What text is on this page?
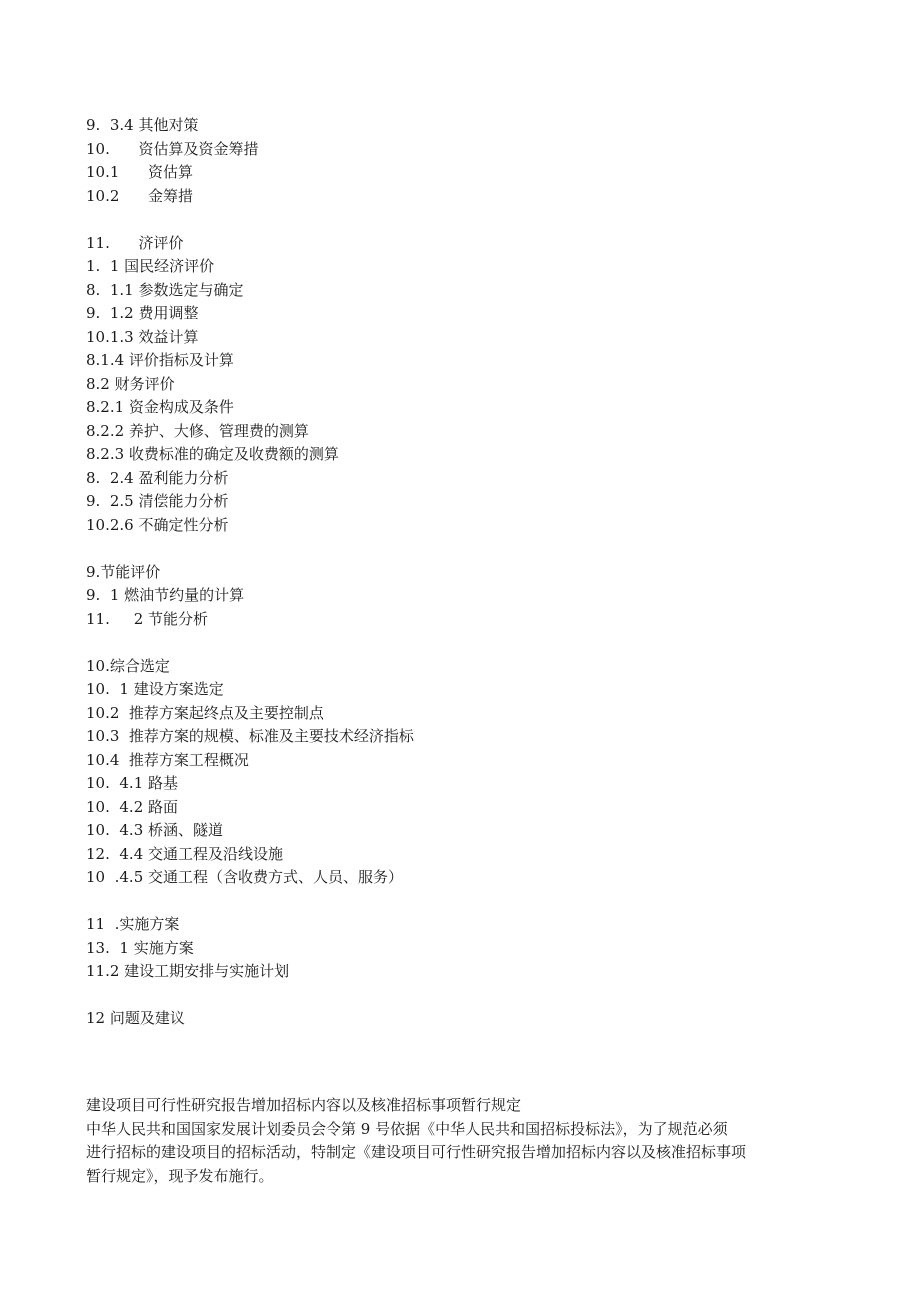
9.  3.4 其他对策
10.      资估算及资金筹措
10.1      资估算
10.2      金筹措
11.      济评价
1.  1 国民经济评价
8.  1.1 参数选定与确定
9.  1.2 费用调整
10.1.3 效益计算
8.1.4 评价指标及计算
8.2 财务评价
8.2.1 资金构成及条件
8.2.2 养护、大修、管理费的测算
8.2.3 收费标准的确定及收费额的测算
8.  2.4 盈利能力分析
9.  2.5 清偿能力分析
10.2.6 不确定性分析
9.节能评价
9.  1 燃油节约量的计算
11.     2 节能分析
10.综合选定
10.  1 建设方案选定
10.2  推荐方案起终点及主要控制点
10.3  推荐方案的规模、标准及主要技术经济指标
10.4  推荐方案工程概况
10.  4.1 路基
10.  4.2 路面
10.  4.3 桥涵、隧道
12.  4.4 交通工程及沿线设施
10  .4.5 交通工程（含收费方式、人员、服务）
11  .实施方案
13.  1 实施方案
11.2 建设工期安排与实施计划
12 问题及建议
建设项目可行性研究报告增加招标内容以及核准招标事项暂行规定
中华人民共和国国家发展计划委员会令第 9 号依据《中华人民共和国招标投标法》，为了规范必须
进行招标的建设项目的招标活动，特制定《建设项目可行性研究报告增加招标内容以及核准招标事项
暂行规定》，现予发布施行。
